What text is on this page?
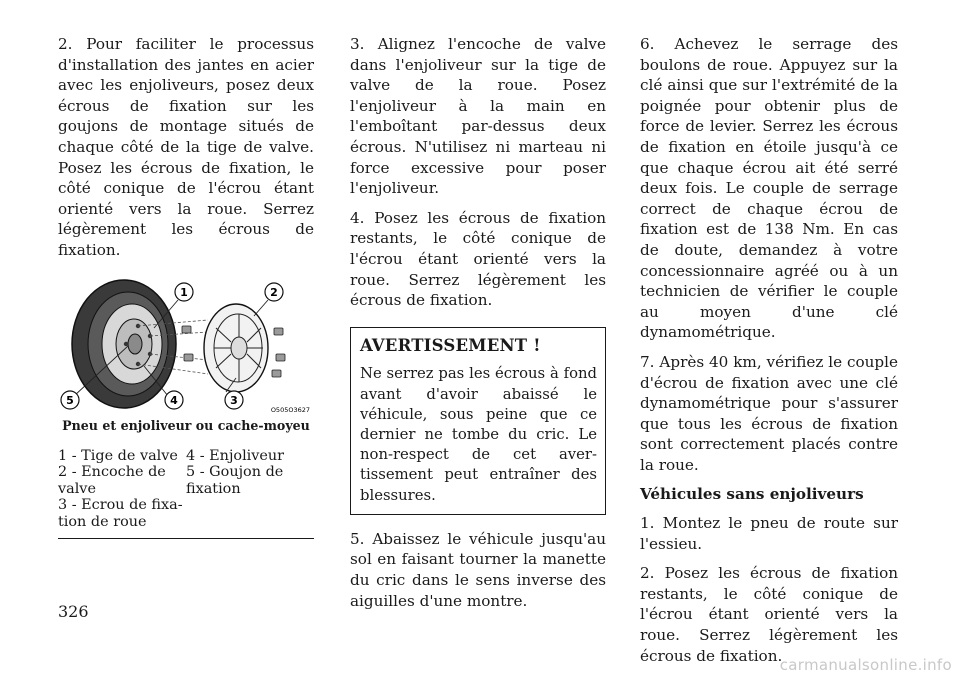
2. Pour faciliter le processus d'installation des jantes en acier avec les enjoliveurs, posez deux écrous de fixation sur les goujons de montage situés de chaque côté de la tige de valve. Posez les écrous de fixation, le côté conique de l'écrou étant orienté vers la roue. Serrez légèrement les écrous de fixation.

1	2
3
4
5
O505O3627
Pneu et enjoliveur ou cache-moyeu
1 - Tige de valve 4 - Enjoliveur
2 - Encoche de valve
5 - Goujon de fixation
3 - Ecrou de fixation de roue

3. Alignez l'encoche de valve dans l'enjoliveur sur la tige de valve de la roue. Posez l'enjoliveur à la main en l'emboîtant par-dessus deux écrous. N'utilisez ni marteau ni force excessive pour poser l'enjoliveur.

4. Posez les écrous de fixation restants, le côté conique de l'écrou étant orienté vers la roue. Serrez légèrement les écrous de fixation.

AVERTISSEMENT !
Ne serrez pas les écrous à fond avant d'avoir abaissé le véhicule, sous peine que ce dernier ne tombe du cric. Le non-respect de cet avertissement peut entraîner des blessures.

5. Abaissez le véhicule jusqu'au sol en faisant tourner la manette du cric dans le sens inverse des aiguilles d'une montre.

6. Achevez le serrage des boulons de roue. Appuyez sur la clé ainsi que sur l'extrémité de la poignée pour obtenir plus de force de levier. Serrez les écrous de fixation en étoile jusqu'à ce que chaque écrou ait été serré deux fois. Le couple de serrage correct de chaque écrou de fixation est de 138 Nm. En cas de doute, demandez à votre concessionnaire agréé ou à un technicien de vérifier le couple au moyen d'une clé dynamométrique.

7. Après 40 km, vérifiez le couple d'écrou de fixation avec une clé dynamométrique pour s'assurer que tous les écrous de fixation sont correctement placés contre la roue.

Véhicules sans enjoliveurs

1. Montez le pneu de route sur l'essieu.

2. Posez les écrous de fixation restants, le côté conique de l'écrou étant orienté vers la roue. Serrez légèrement les écrous de fixation.

326
carmanualsonline.info
